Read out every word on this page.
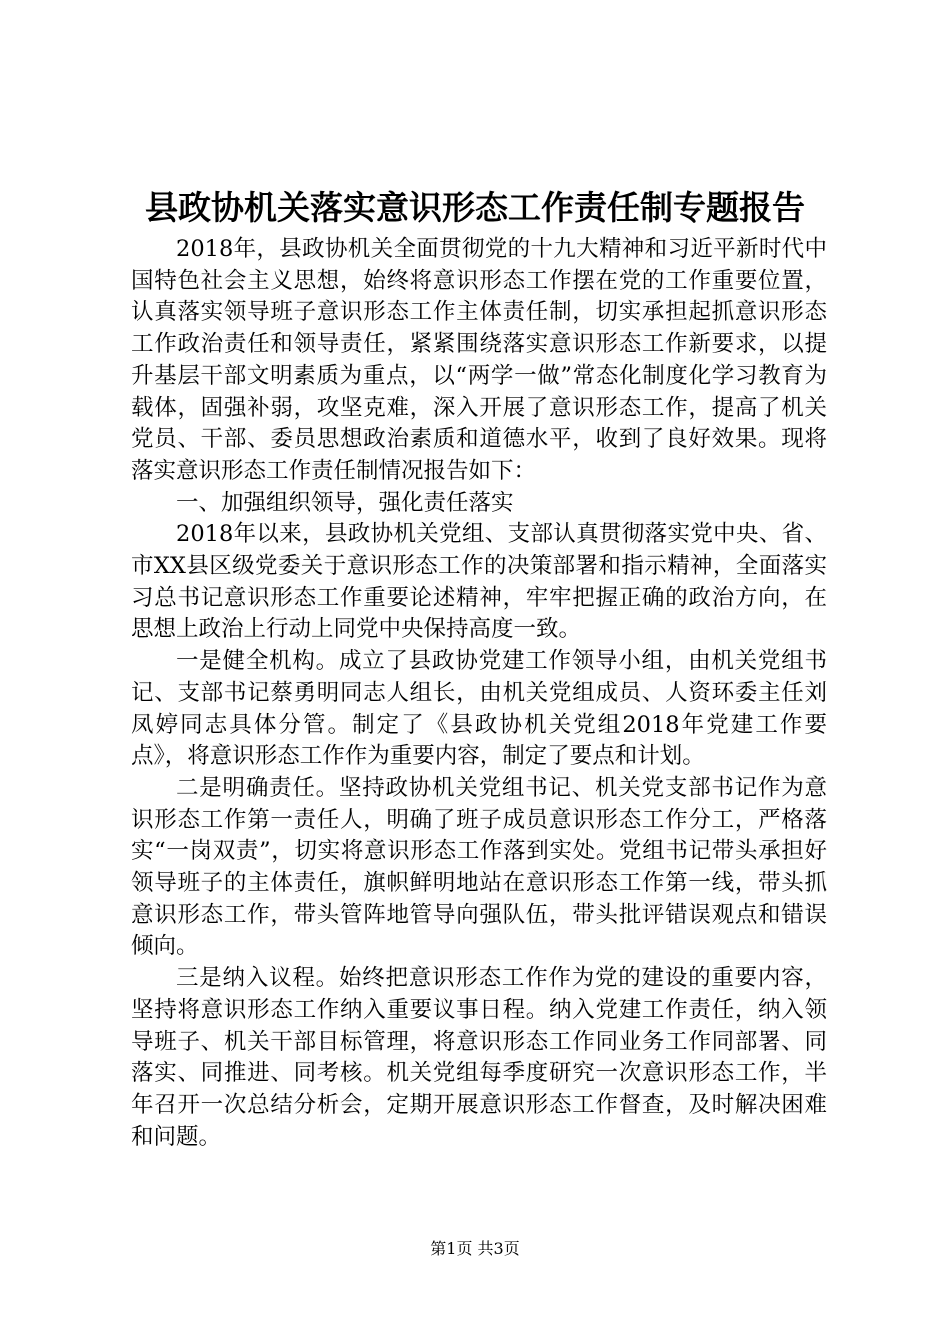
县政协机关落实意识形态工作责任制专题报告

2018年，县政协机关全面贯彻党的十九大精神和习近平新时代中国特色社会主义思想，始终将意识形态工作摆在党的工作重要位置，认真落实领导班子意识形态工作主体责任制，切实承担起抓意识形态工作政治责任和领导责任，紧紧围绕落实意识形态工作新要求，以提升基层干部文明素质为重点，以“两学一做”常态化制度化学习教育为载体，固强补弱，攻坚克难，深入开展了意识形态工作，提高了机关党员、干部、委员思想政治素质和道德水平，收到了良好效果。现将落实意识形态工作责任制情况报告如下：

一、加强组织领导，强化责任落实

2018年以来，县政协机关党组、支部认真贯彻落实党中央、省、市XX县区级党委关于意识形态工作的决策部署和指示精神，全面落实习总书记意识形态工作重要论述精神，牢牢把握正确的政治方向，在思想上政治上行动上同党中央保持高度一致。

一是健全机构。成立了县政协党建工作领导小组，由机关党组书记、支部书记蔡勇明同志人组长，由机关党组成员、人资环委主任刘凤婷同志具体分管。制定了《县政协机关党组2018年党建工作要点》，将意识形态工作作为重要内容，制定了要点和计划。

二是明确责任。坚持政协机关党组书记、机关党支部书记作为意识形态工作第一责任人，明确了班子成员意识形态工作分工，严格落实“一岗双责”，切实将意识形态工作落到实处。党组书记带头承担好领导班子的主体责任，旗帜鲜明地站在意识形态工作第一线，带头抓意识形态工作，带头管阵地管导向强队伍，带头批评错误观点和错误倾向。

三是纳入议程。始终把意识形态工作作为党的建设的重要内容，坚持将意识形态工作纳入重要议事日程。纳入党建工作责任，纳入领导班子、机关干部目标管理，将意识形态工作同业务工作同部署、同落实、同推进、同考核。机关党组每季度研究一次意识形态工作，半年召开一次总结分析会，定期开展意识形态工作督查，及时解决困难和问题。

第1页 共3页
